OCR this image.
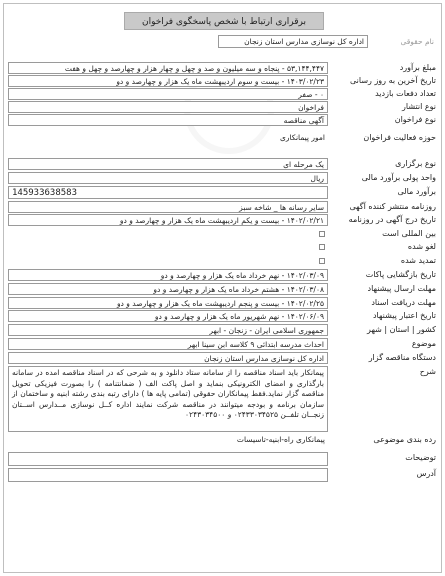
برقراری ارتباط با شخص پاسخگوی فراخوان
نام حقوقی
اداره کل نوسازی مدارس استان زنجان
مبلغ برآورد
۵۳,۱۴۴,۴۴۷ - پنجاه و سه میلیون و صد و چهل و چهار هزار و چهارصد و چهل و هفت
تاریخ آخرین به روز رسانی
۱۴۰۳/۰۲/۲۳ - بیست و سوم اردیبهشت ماه یک هزار و چهارصد و دو
تعداد دفعات بازدید
۰ - صفر
نوع انتشار
فراخوان
نوع فراخوان
آگهی مناقصه
حوزه فعالیت فراخوان
امور پیمانکاری
نوع برگزاری
یک مرحله ای
واحد پولی برآورد مالی
ریال
برآورد مالی
145933638583
روزنامه منتشر کننده آگهی
سایر رسانه ها _ شاخه سبز
تاریخ درج آگهی در روزنامه
۱۴۰۲/۰۲/۲۱ - بیست و یکم اردیبهشت ماه یک هزار و چهارصد و دو
بین المللی است
لغو شده
تمدید شده
تاریخ بازگشایی پاکات
۱۴۰۲/۰۳/۰۹ - نهم خرداد ماه یک هزار و چهارصد و دو
مهلت ارسال پیشنهاد
۱۴۰۲/۰۳/۰۸ - هشتم خرداد ماه یک هزار و چهارصد و دو
مهلت دریافت اسناد
۱۴۰۲/۰۲/۲۵ - بیست و پنجم اردیبهشت ماه یک هزار و چهارصد و دو
تاریخ اعتبار پیشنهاد
۱۴۰۲/۰۶/۰۹ - نهم شهریور ماه یک هزار و چهارصد و دو
کشور | استان | شهر
جمهوری اسلامی ایران - زنجان - ابهر
موضوع
احداث مدرسه ابتدائی ۹ کلاسه ابن سینا ابهر
دستگاه مناقصه گزار
اداره کل نوسازی مدارس استان زنجان
شرح
پیمانکار باید اسناد مناقصه را از سامانه ستاد دانلود و به شرحی که در اسناد مناقصه امده در سامانه بارگذاری و امضای الکترونیکی بنماید و اصل پاکت الف ( ضمانتنامه ) را بصورت فیزیکی تحویل مناقصه گزار نماید.فقط پیمانکاران حقوقی (تمامی پایه ها ) دارای رتبه بندی رشته ابنیه و ساختمان از سازمان برنامه و بودجه میتوانند در مناقصه شرکت نمایند اداره کــل نوسازی مــدارس اســتان زنجــان تلفــن ۰۲۴۳۳۰۳۴۵۲۵ و ۰۲۴۳۰۳۴۵۰۰
رده بندی موضوعی
پیمانکاری راه-ابنیه-تاسیسات
توضیحات
آدرس
